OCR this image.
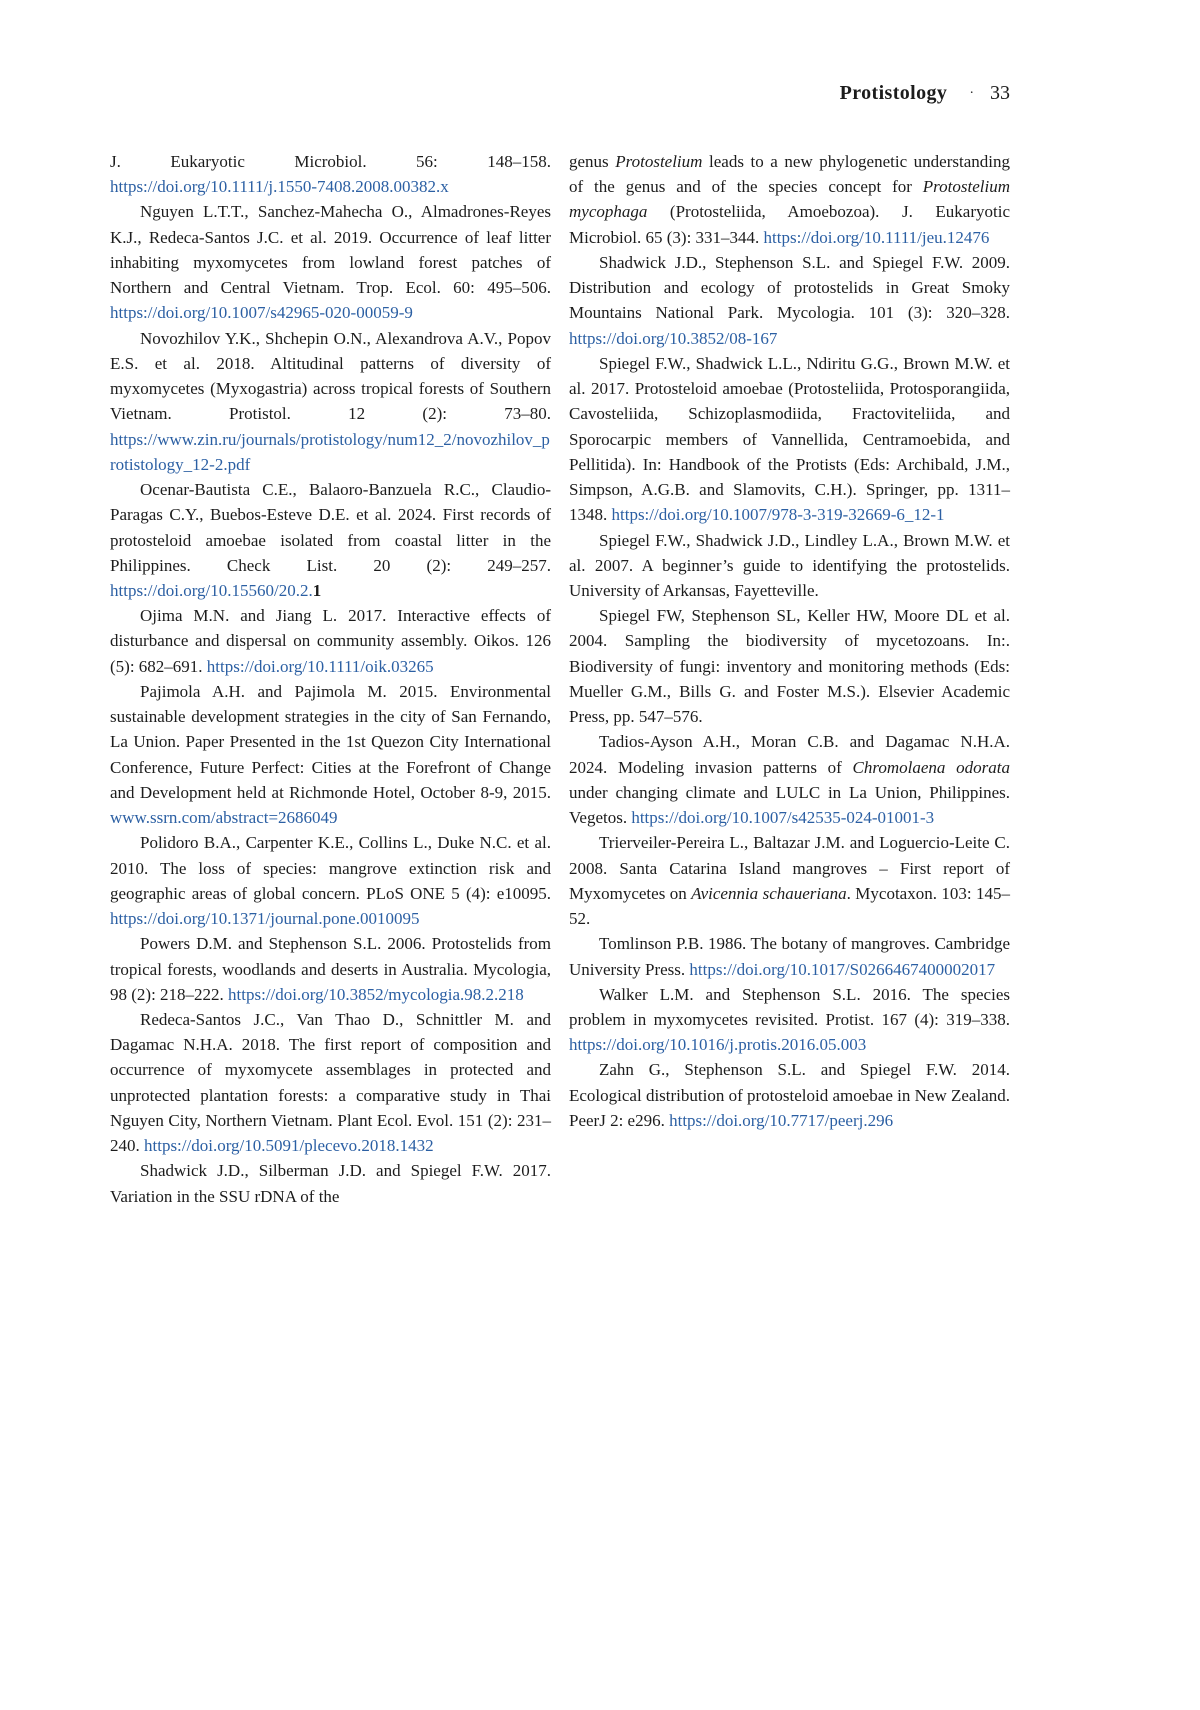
Protistology · 33

J. Eukaryotic Microbiol. 56: 148–158. https://doi.org/10.1111/j.1550-7408.2008.00382.x

Nguyen L.T.T., Sanchez-Mahecha O., Almadrones-Reyes K.J., Redeca-Santos J.C. et al. 2019. Occurrence of leaf litter inhabiting myxomycetes from lowland forest patches of Northern and Central Vietnam. Trop. Ecol. 60: 495–506. https://doi.org/10.1007/s42965-020-00059-9

Novozhilov Y.K., Shchepin O.N., Alexandrova A.V., Popov E.S. et al. 2018. Altitudinal patterns of diversity of myxomycetes (Myxogastria) across tropical forests of Southern Vietnam. Protistol. 12 (2): 73–80. https://www.zin.ru/journals/protistology/num12_2/novozhilov_protistology_12-2.pdf

Ocenar-Bautista C.E., Balaoro-Banzuela R.C., Claudio-Paragas C.Y., Buebos-Esteve D.E. et al. 2024. First records of protosteloid amoebae isolated from coastal litter in the Philippines. Check List. 20 (2): 249–257. https://doi.org/10.15560/20.2.1

Ojima M.N. and Jiang L. 2017. Interactive effects of disturbance and dispersal on community assembly. Oikos. 126 (5): 682–691. https://doi.org/10.1111/oik.03265

Pajimola A.H. and Pajimola M. 2015. Environmental sustainable development strategies in the city of San Fernando, La Union. Paper Presented in the 1st Quezon City International Conference, Future Perfect: Cities at the Forefront of Change and Development held at Richmonde Hotel, October 8-9, 2015. www.ssrn.com/abstract=2686049

Polidoro B.A., Carpenter K.E., Collins L., Duke N.C. et al. 2010. The loss of species: mangrove extinction risk and geographic areas of global concern. PLoS ONE 5 (4): e10095. https://doi.org/10.1371/journal.pone.0010095

Powers D.M. and Stephenson S.L. 2006. Protostelids from tropical forests, woodlands and deserts in Australia. Mycologia, 98 (2): 218–222. https://doi.org/10.3852/mycologia.98.2.218

Redeca-Santos J.C., Van Thao D., Schnittler M. and Dagamac N.H.A. 2018. The first report of composition and occurrence of myxomycete assemblages in protected and unprotected plantation forests: a comparative study in Thai Nguyen City, Northern Vietnam. Plant Ecol. Evol. 151 (2): 231–240. https://doi.org/10.5091/plecevo.2018.1432

Shadwick J.D., Silberman J.D. and Spiegel F.W. 2017. Variation in the SSU rDNA of the

genus Protostelium leads to a new phylogenetic understanding of the genus and of the species concept for Protostelium mycophaga (Protosteliida, Amoebozoa). J. Eukaryotic Microbiol. 65 (3): 331–344. https://doi.org/10.1111/jeu.12476

Shadwick J.D., Stephenson S.L. and Spiegel F.W. 2009. Distribution and ecology of protostelids in Great Smoky Mountains National Park. Mycologia. 101 (3): 320–328. https://doi.org/10.3852/08-167

Spiegel F.W., Shadwick L.L., Ndiritu G.G., Brown M.W. et al. 2017. Protosteloid amoebae (Protosteliida, Protosporangiida, Cavosteliida, Schizoplasmodiida, Fractoviteliida, and Sporocarpic members of Vannellida, Centramoebida, and Pellitida). In: Handbook of the Protists (Eds: Archibald, J.M., Simpson, A.G.B. and Slamovits, C.H.). Springer, pp. 1311–1348. https://doi.org/10.1007/978-3-319-32669-6_12-1

Spiegel F.W., Shadwick J.D., Lindley L.A., Brown M.W. et al. 2007. A beginner’s guide to identifying the protostelids. University of Arkansas, Fayetteville.

Spiegel FW, Stephenson SL, Keller HW, Moore DL et al. 2004. Sampling the biodiversity of mycetozoans. In:. Biodiversity of fungi: inventory and monitoring methods (Eds: Mueller G.M., Bills G. and Foster M.S.). Elsevier Academic Press, pp. 547–576.

Tadios-Ayson A.H., Moran C.B. and Dagamac N.H.A. 2024. Modeling invasion patterns of Chromolaena odorata under changing climate and LULC in La Union, Philippines. Vegetos. https://doi.org/10.1007/s42535-024-01001-3

Trierveiler-Pereira L., Baltazar J.M. and Loguercio-Leite C. 2008. Santa Catarina Island mangroves – First report of Myxomycetes on Avicennia schaueriana. Mycotaxon. 103: 145–52.

Tomlinson P.B. 1986. The botany of mangroves. Cambridge University Press. https://doi.org/10.1017/S0266467400002017

Walker L.M. and Stephenson S.L. 2016. The species problem in myxomycetes revisited. Protist. 167 (4): 319–338. https://doi.org/10.1016/j.protis.2016.05.003

Zahn G., Stephenson S.L. and Spiegel F.W. 2014. Ecological distribution of protosteloid amoebae in New Zealand. PeerJ 2: e296. https://doi.org/10.7717/peerj.296
